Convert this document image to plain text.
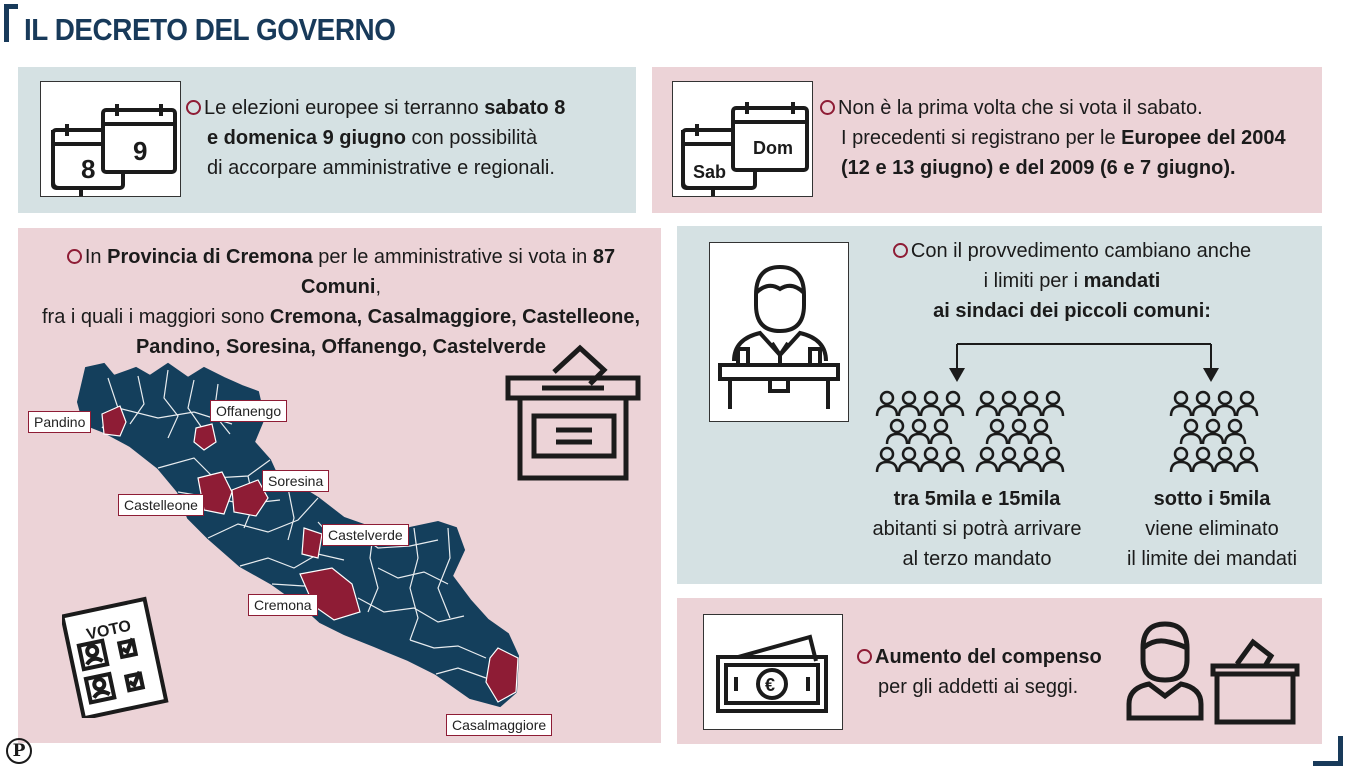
IL DECRETO DEL GOVERNO
8
9
Le elezioni europee si terranno sabato 8
e domenica 9 giugno con possibilità
di accorpare amministrative e regionali.	Sab
Dom
Non è la prima volta che si vota il sabato.
I precedenti si registrano per le Europee del 2004
(12 e 13 giugno) e del 2009 (6 e 7 giugno).
In Provincia di Cremona per le amministrative si vota in 87 Comuni,
fra i quali i maggiori sono Cremona, Casalmaggiore, Castelleone,
Pandino, Soresina, Offanengo, Castelverde
Pandino
Offanengo
Soresina
Castelleone
Castelverde
Cremona
Casalmaggiore
VOTO
Con il provvedimento cambiano anche
i limiti per i mandati
ai sindaci dei piccoli comuni:
tra 5mila e 15mila
abitanti si potrà arrivare
al terzo mandato
sotto i 5mila
viene eliminato
il limite dei mandati
€
Aumento del compenso
per gli addetti ai seggi.
P
